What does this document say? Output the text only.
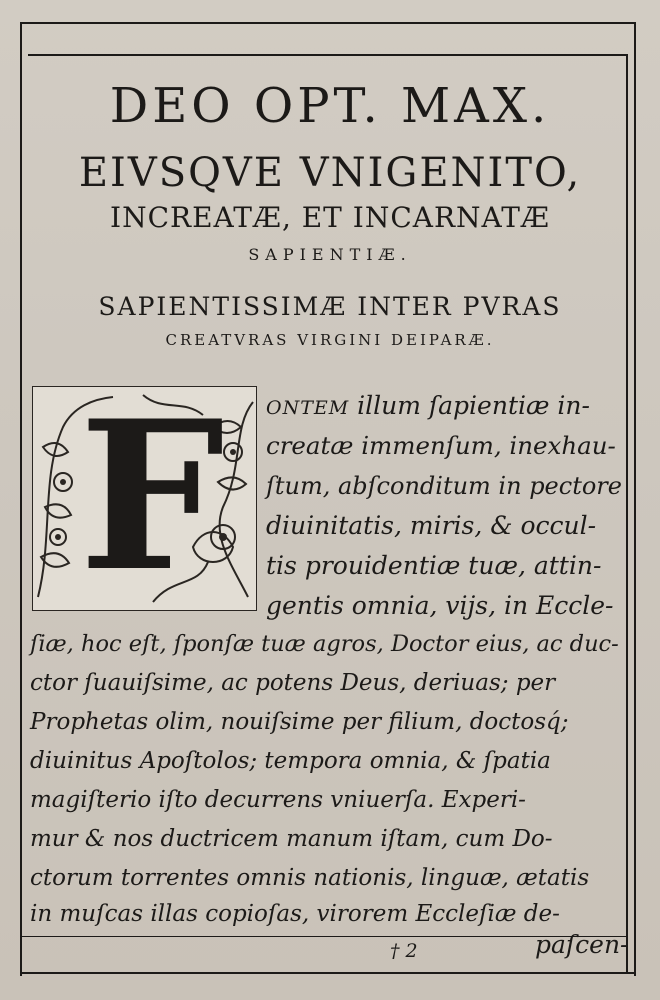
DEO OPT. MAX.
EIVSQVE VNIGENITO,
INCREATÆ, ET INCARNATÆ
SAPIENTIÆ.
SAPIENTISSIMÆ INTER PVRAS
CREATVRAS VIRGINI DEIPARÆ.
F ONTEM illum ſapientiæ in-
creatæ immenſum, inexhau-
ſtum, abſconditum in pectore
diuinitatis, miris, & occul-
tis prouidentiæ tuæ, attin-
gentis omnia, vijs, in Eccle-
ſiæ, hoc eſt, ſponſæ tuæ agros, Doctor eius, ac duc-
ctor ſuauiſsime, ac potens Deus, deriuas; per
Prophetas olim, nouiſsime per filium, doctosq́;
diuinitus Apoſtolos; tempora omnia, & ſpatia
magiſterio iſto decurrens vniuerſa. Experi-
mur & nos ductricem manum iſtam, cum Do-
ctorum torrentes omnis nationis, linguæ, ætatis
in muſcas illas copioſas, virorem Eccleſiæ de-
† 2	paſcen-
